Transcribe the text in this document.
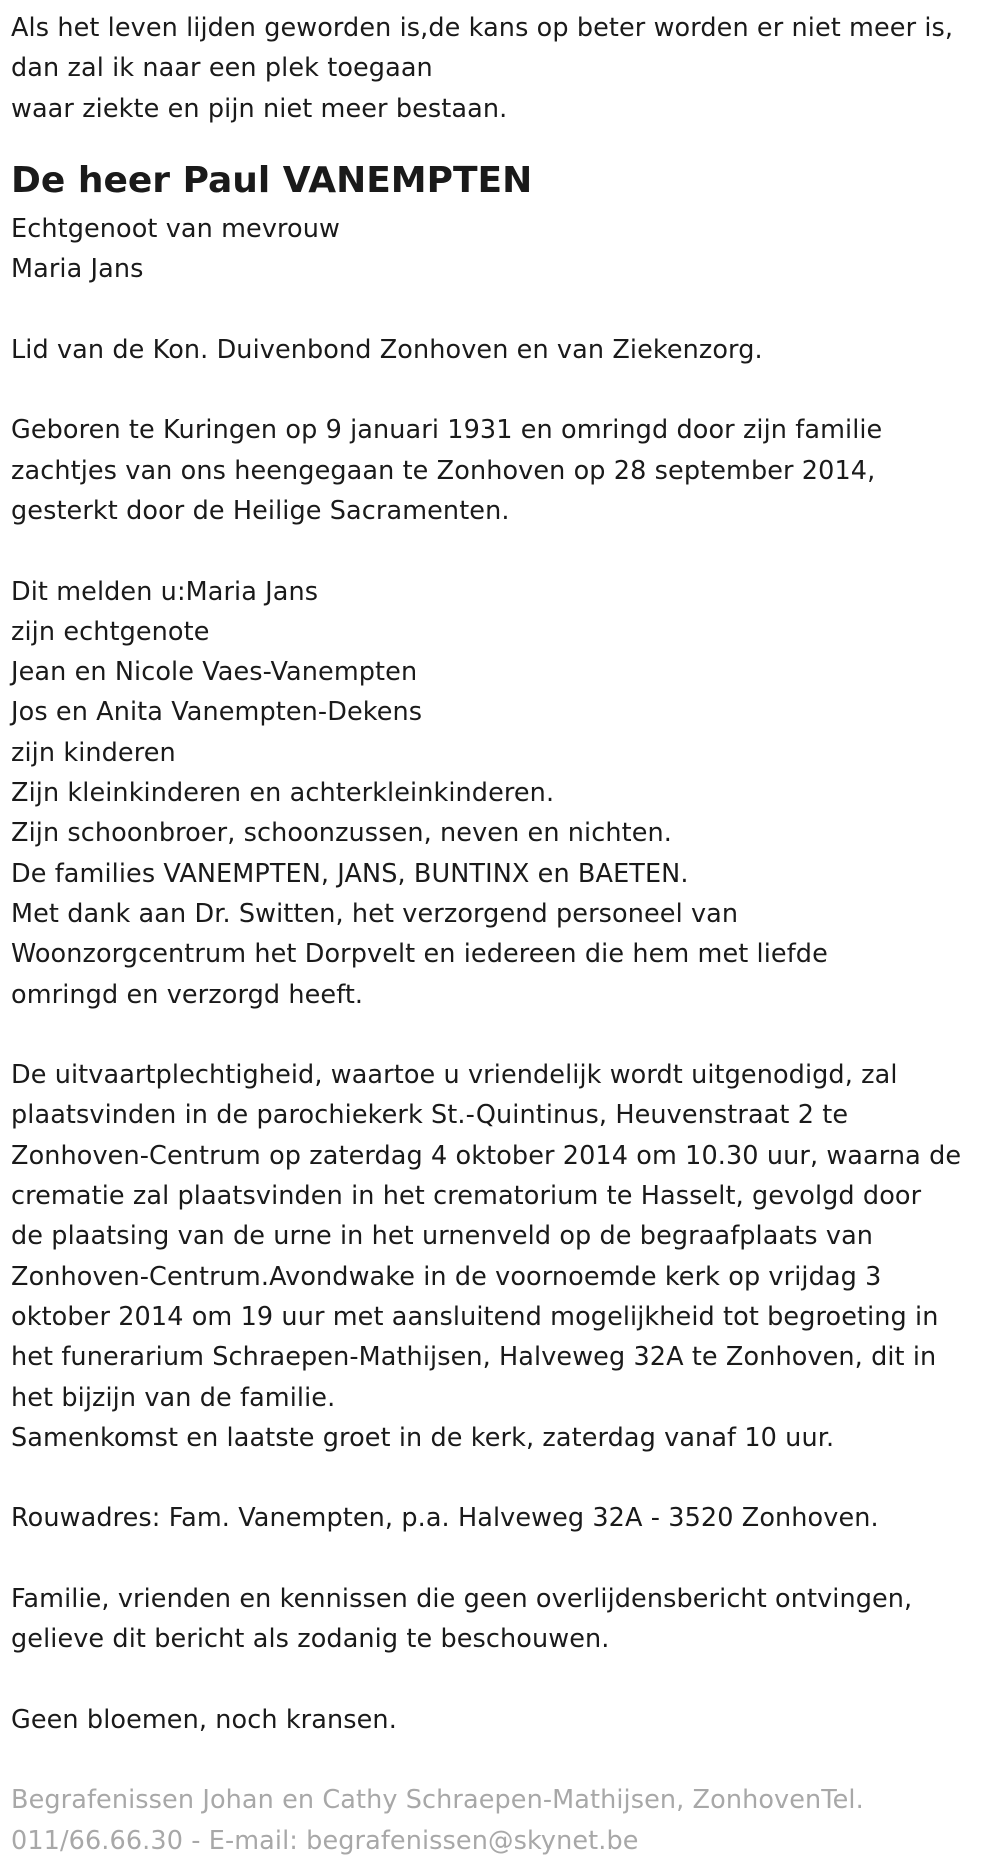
Als het leven lijden geworden is,de kans op beter worden er niet meer is,
dan zal ik naar een plek toegaan
waar ziekte en pijn niet meer bestaan.
De heer Paul VANEMPTEN
Echtgenoot van mevrouw
Maria Jans
Lid van de Kon. Duivenbond Zonhoven en van Ziekenzorg.
Geboren te Kuringen op 9 januari 1931 en omringd door zijn familie
zachtjes van ons heengegaan te Zonhoven op 28 september 2014,
gesterkt door de Heilige Sacramenten.
Dit melden u:Maria Jans
zijn echtgenote
Jean en Nicole Vaes-Vanempten
Jos en Anita Vanempten-Dekens
zijn kinderen
Zijn kleinkinderen en achterkleinkinderen.
Zijn schoonbroer, schoonzussen, neven en nichten.
De families VANEMPTEN, JANS, BUNTINX en BAETEN.
Met dank aan Dr. Switten, het verzorgend personeel van
Woonzorgcentrum het Dorpvelt en iedereen die hem met liefde
omringd en verzorgd heeft.
De uitvaartplechtigheid, waartoe u vriendelijk wordt uitgenodigd, zal
plaatsvinden in de parochiekerk St.-Quintinus, Heuvenstraat 2 te
Zonhoven-Centrum op zaterdag 4 oktober 2014 om 10.30 uur, waarna de
crematie zal plaatsvinden in het crematorium te Hasselt, gevolgd door
de plaatsing van de urne in het urnenveld op de begraafplaats van
Zonhoven-Centrum.Avondwake in de voornoemde kerk op vrijdag 3
oktober 2014 om 19 uur met aansluitend mogelijkheid tot begroeting in
het funerarium Schraepen-Mathijsen, Halveweg 32A te Zonhoven, dit in
het bijzijn van de familie.
Samenkomst en laatste groet in de kerk, zaterdag vanaf 10 uur.
Rouwadres: Fam. Vanempten, p.a. Halveweg 32A - 3520 Zonhoven.
Familie, vrienden en kennissen die geen overlijdensbericht ontvingen,
gelieve dit bericht als zodanig te beschouwen.
Geen bloemen, noch kransen.
Begrafenissen Johan en Cathy Schraepen-Mathijsen, ZonhovenTel.
011/66.66.30 - E-mail: begrafenissen@skynet.be
